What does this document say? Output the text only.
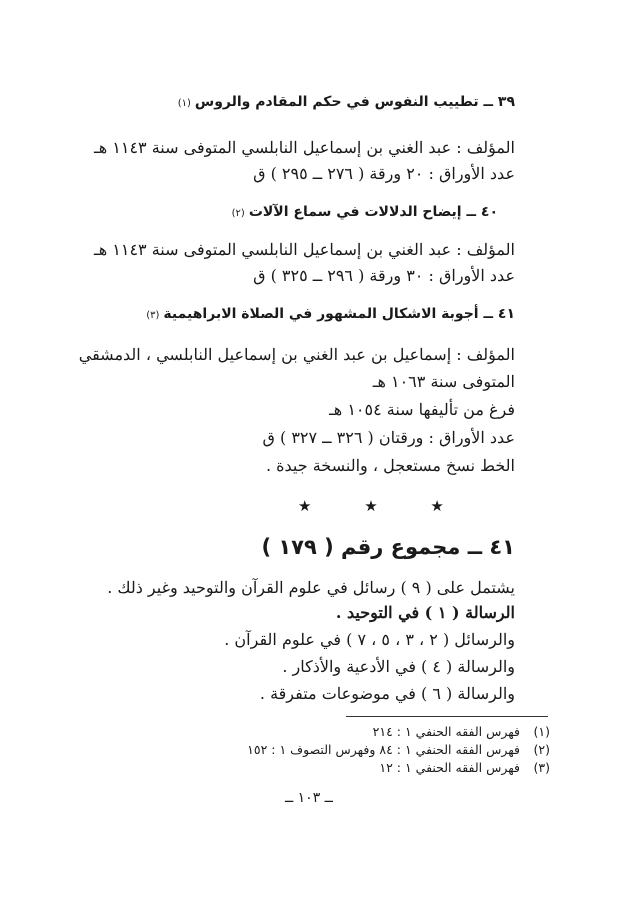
٣٩ ــ تطييب النفوس في حكم المقادم والروس(١)
المؤلف : عبد الغني بن إسماعيل النابلسي المتوفى سنة ١١٤٣ هـ
عدد الأوراق : ٢٠ ورقة ( ٢٧٦ ــ ٢٩٥ ) ق
٤٠ ــ إيضاح الدلالات في سماع الآلات(٢)
المؤلف : عبد الغني بن إسماعيل النابلسي المتوفى سنة ١١٤٣ هـ
عدد الأوراق : ٣٠ ورقة ( ٢٩٦ ــ ٣٢٥ ) ق
٤١ ــ أجوبة الاشكال المشهور في الصلاة الابراهيمية(٣)
المؤلف : إسماعيل بن عبد الغني بن إسماعيل النابلسي ، الدمشقي
المتوفى سنة ١٠٦٣ هـ
فرغ من تأليفها سنة ١٠٥٤ هـ
عدد الأوراق : ورقتان ( ٣٢٦ ــ ٣٢٧ ) ق
الخط نسخ مستعجل ، والنسخة جيدة .
★ ★ ★
٤١ ــ مجموع رقم ( ١٧٩ )
يشتمل على ( ٩ ) رسائل في علوم القرآن والتوحيد وغير ذلك .
الرسالة ( ١ ) في التوحيد .
والرسائل ( ٢ ، ٣ ، ٥ ، ٧ ) في علوم القرآن .
والرسالة ( ٤ ) في الأدعية والأذكار .
والرسالة ( ٦ ) في موضوعات متفرقة .
(١)فهرس الفقه الحنفي ١ : ٢١٤
(٢)فهرس الفقه الحنفي ١ : ٨٤ وفهرس التصوف ١ : ١٥٢
(٣)فهرس الفقه الحنفي ١ : ١٢
ــ ١٠٣ ــ
